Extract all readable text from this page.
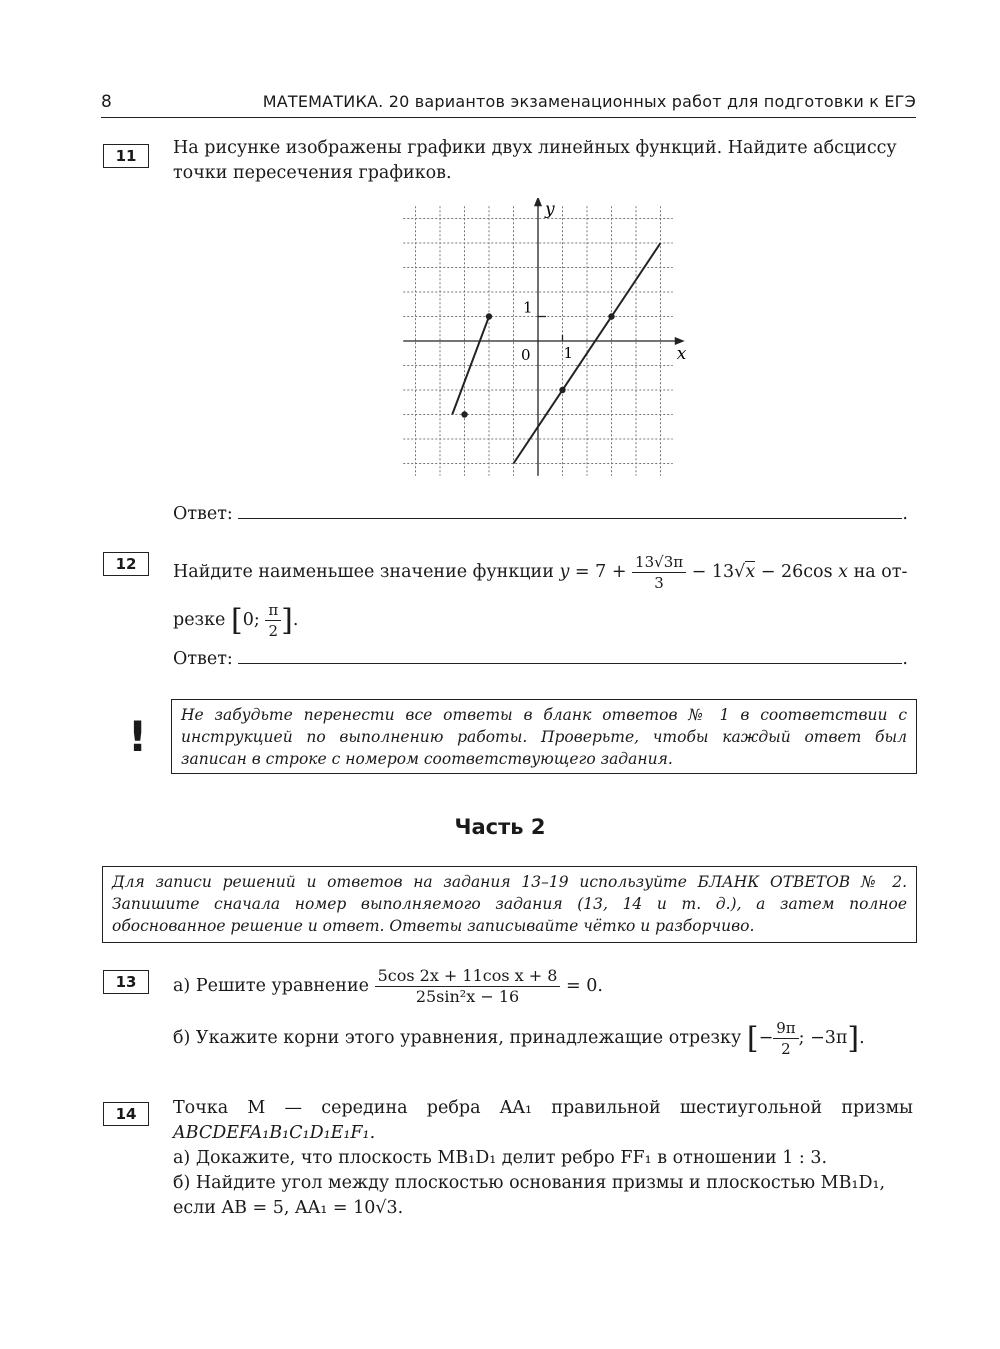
8	МАТЕМАТИКА. 20 вариантов экзаменационных работ для подготовки к ЕГЭ
11	На рисунке изображены графики двух линейных функций. Найдите абсциссу точки пересечения графиков.
y
x
0 1
1
Ответ:	.
12	Найдите наименьшее значение функции $y = 7 + \frac{13√3\pi}{3} - 13√x - 26\cos$ x на от-
резке [0; $\frac{\pi}{2}$ ].
Ответ:	.
!	Не забудьте перенести все ответы в бланк ответов № 1 в соответствии с инструкцией по выполнению работы. Проверьте, чтобы каждый ответ был записан в строке с номером соответствующего задания.
Часть 2
Для записи решений и ответов на задания 13–19 используйте БЛАНК ОТВЕТОВ № 2. Запишите сначала номер выполняемого задания (13, 14 и т. д.), а затем полное обоснованное решение и ответ. Ответы записывайте чётко и разборчиво.
13	а) Решите уравнение $\frac{\text{5cos 2x + 11cos x + 8}}{\text{25sin²x − 16}} = 0$.
б) Укажите корни этого уравнения, принадлежащие отрезку [− $\frac{9\pi}{2}$ ; −3π].
14	Точка M — середина ребра AA₁ правильной шестиугольной призмы
ABCDEFA₁B₁C₁D₁E₁F₁.
а) Докажите, что плоскость MB₁D₁ делит ребро FF₁ в отношении 1 : 3.
б) Найдите угол между плоскостью основания призмы и плоскостью MB₁D₁,
если AB = 5, AA₁ = 10√3.
